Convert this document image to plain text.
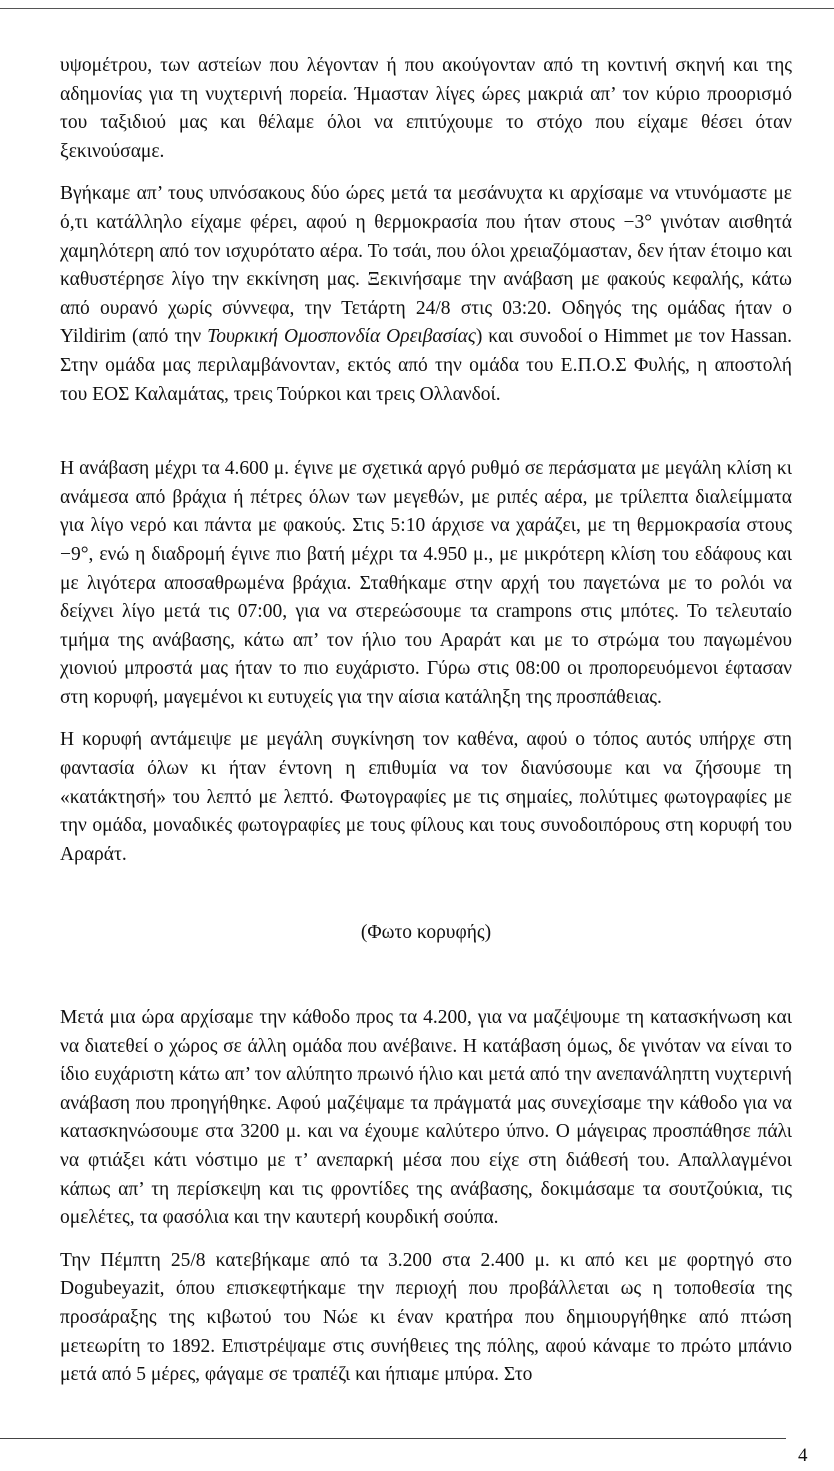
υψομέτρου, των αστείων που λέγονταν ή που ακούγονταν από τη κοντινή σκηνή και της αδημονίας για τη νυχτερινή πορεία. Ήμασταν λίγες ώρες μακριά απ’ τον κύριο προορισμό του ταξιδιού μας και θέλαμε όλοι να επιτύχουμε το στόχο που είχαμε θέσει όταν ξεκινούσαμε.

Βγήκαμε απ’ τους υπνόσακους δύο ώρες μετά τα μεσάνυχτα κι αρχίσαμε να ντυνόμαστε με ό,τι κατάλληλο είχαμε φέρει, αφού η θερμοκρασία που ήταν στους −3° γινόταν αισθητά χαμηλότερη από τον ισχυρότατο αέρα. Το τσάι, που όλοι χρειαζόμασταν, δεν ήταν έτοιμο και καθυστέρησε λίγο την εκκίνηση μας. Ξεκινήσαμε την ανάβαση με φακούς κεφαλής, κάτω από ουρανό χωρίς σύννεφα, την Τετάρτη 24/8 στις 03:20. Οδηγός της ομάδας ήταν ο Yildirim (από την Τουρκική Ομοσπονδία Ορειβασίας) και συνοδοί ο Himmet με τον Hassan. Στην ομάδα μας περιλαμβάνονταν, εκτός από την ομάδα του Ε.Π.Ο.Σ Φυλής, η αποστολή του ΕΟΣ Καλαμάτας, τρεις Τούρκοι και τρεις Ολλανδοί.

Η ανάβαση μέχρι τα 4.600 μ. έγινε με σχετικά αργό ρυθμό σε περάσματα με μεγάλη κλίση κι ανάμεσα από βράχια ή πέτρες όλων των μεγεθών, με ριπές αέρα, με τρίλεπτα διαλείμματα για λίγο νερό και πάντα με φακούς. Στις 5:10 άρχισε να χαράζει, με τη θερμοκρασία στους −9°, ενώ η διαδρομή έγινε πιο βατή μέχρι τα 4.950 μ., με μικρότερη κλίση του εδάφους και με λιγότερα αποσαθρωμένα βράχια. Σταθήκαμε στην αρχή του παγετώνα με το ρολόι να δείχνει λίγο μετά τις 07:00, για να στερεώσουμε τα crampons στις μπότες. Το τελευταίο τμήμα της ανάβασης, κάτω απ’ τον ήλιο του Αραράτ και με το στρώμα του παγωμένου χιονιού μπροστά μας ήταν το πιο ευχάριστο. Γύρω στις 08:00 οι προπορευόμενοι έφτασαν στη κορυφή, μαγεμένοι κι ευτυχείς για την αίσια κατάληξη της προσπάθειας.

Η κορυφή αντάμειψε με μεγάλη συγκίνηση τον καθένα, αφού ο τόπος αυτός υπήρχε στη φαντασία όλων κι ήταν έντονη η επιθυμία να τον διανύσουμε και να ζήσουμε τη «κατάκτησή» του λεπτό με λεπτό. Φωτογραφίες με τις σημαίες, πολύτιμες φωτογραφίες με την ομάδα, μοναδικές φωτογραφίες με τους φίλους και τους συνοδοιπόρους στη κορυφή του Αραράτ.

(Φωτο κορυφής)

Μετά μια ώρα αρχίσαμε την κάθοδο προς τα 4.200, για να μαζέψουμε τη κατασκήνωση και να διατεθεί ο χώρος σε άλλη ομάδα που ανέβαινε. Η κατάβαση όμως, δε γινόταν να είναι το ίδιο ευχάριστη κάτω απ’ τον αλύπητο πρωινό ήλιο και μετά από την ανεπανάληπτη νυχτερινή ανάβαση που προηγήθηκε. Αφού μαζέψαμε τα πράγματά μας συνεχίσαμε την κάθοδο για να κατασκηνώσουμε στα 3200 μ. και να έχουμε καλύτερο ύπνο. Ο μάγειρας προσπάθησε πάλι να φτιάξει κάτι νόστιμο με τ’ ανεπαρκή μέσα που είχε στη διάθεσή του. Απαλλαγμένοι κάπως απ’ τη περίσκεψη και τις φροντίδες της ανάβασης, δοκιμάσαμε τα σουτζούκια, τις ομελέτες, τα φασόλια και την καυτερή κουρδική σούπα.

Την Πέμπτη 25/8 κατεβήκαμε από τα 3.200 στα 2.400 μ. κι από κει με φορτηγό στο Dogubeyazit, όπου επισκεφτήκαμε την περιοχή που προβάλλεται ως η τοποθεσία της προσάραξης της κιβωτού του Νώε κι έναν κρατήρα που δημιουργήθηκε από πτώση μετεωρίτη το 1892. Επιστρέψαμε στις συνήθειες της πόλης, αφού κάναμε το πρώτο μπάνιο μετά από 5 μέρες, φάγαμε σε τραπέζι και ήπιαμε μπύρα. Στο

4
